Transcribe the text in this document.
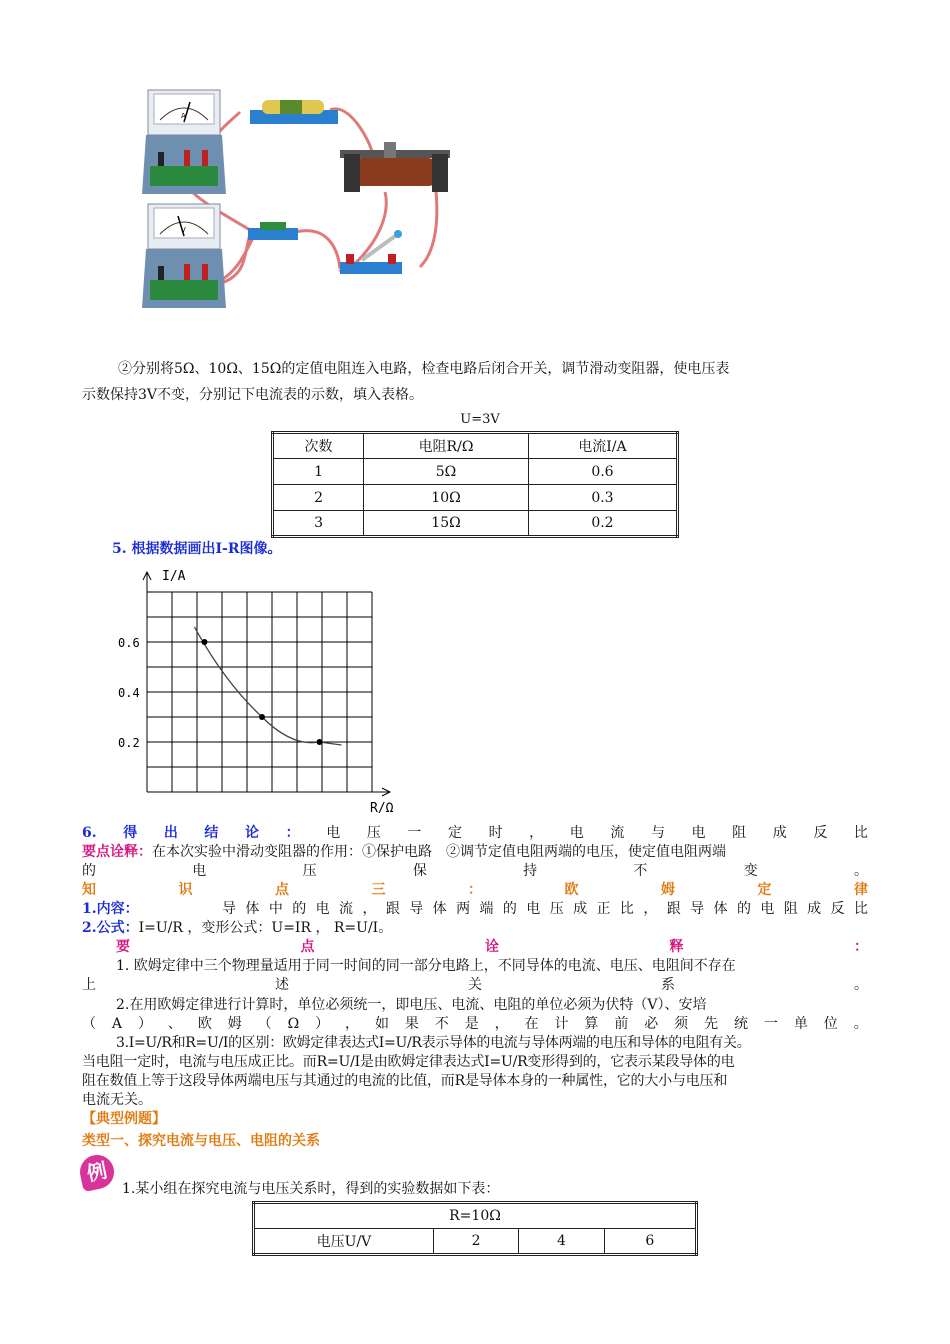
A
V
②分别将5Ω、10Ω、15Ω的定值电阻连入电路，检查电路后闭合开关，调节滑动变阻器，使电压表
示数保持3V不变，分别记下电流表的示数，填入表格。
U=3V
次数	电阻R/Ω	电流I/A
1	5Ω	0.6
2	10Ω	0.3
3	15Ω	0.2
5. 根据数据画出I-R图像。
I/A
R/Ω
0.6
0.4
0.2
6. 得 出 结 论 ： 电 压 一 定 时 ， 电 流 与 电 阻 成 反 比
要点诠释：在本次实验中滑动变阻器的作用：①保护电路　②调节定值电阻两端的电压，使定值电阻两端
的	电	压	保	持	不	变	。
知	识	点	三	：	欧	姆	定	律
1.内容：	导 体 中 的 电 流 ， 跟 导 体 两 端 的 电 压 成 正 比 ， 跟 导 体 的 电 阻 成 反 比
2.公式：I=U/R ，变形公式：U=IR ， R=U/I。
要	点	诠	释	：
1. 欧姆定律中三个物理量适用于同一时间的同一部分电路上，不同导体的电流、电压、电阻间不存在
上	述	关	系	。
2.在用欧姆定律进行计算时，单位必须统一，即电压、电流、电阻的单位必须为伏特（V）、安培
（ A ） 、 欧 姆 （ Ω ） ， 如 果 不 是 ， 在 计 算 前 必 须 先 统 一 单 位 。
3.I=U/R和R=U/I的区别：欧姆定律表达式I=U/R表示导体的电流与导体两端的电压和导体的电阻有关。
当电阻一定时，电流与电压成正比。而R=U/I是由欧姆定律表达式I=U/R变形得到的，它表示某段导体的电
阻在数值上等于这段导体两端电压与其通过的电流的比值，而R是导体本身的一种属性，它的大小与电压和
电流无关。
【典型例题】
类型一、探究电流与电压、电阻的关系
例
1.某小组在探究电流与电压关系时，得到的实验数据如下表：
R=10Ω
电压U/V	2	4	6
